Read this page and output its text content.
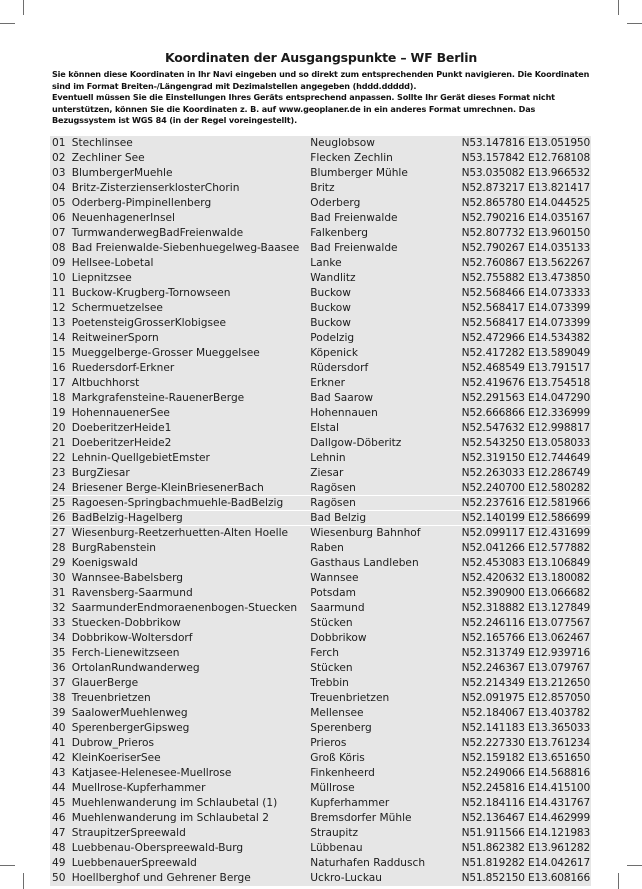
Koordinaten der Ausgangspunkte – WF Berlin

Sie können diese Koordinaten in Ihr Navi eingeben und so direkt zum entsprechenden Punkt navigieren. Die Koordinaten sind im Format Breiten-/Längengrad mit Dezimalstellen angegeben (hddd.ddddd).

Eventuell müssen Sie die Einstellungen Ihres Geräts entsprechend anpassen. Sollte Ihr Gerät dieses Format nicht unterstützen, können Sie die Koordinaten z. B. auf www.geoplaner.de in ein anderes Format umrechnen. Das Bezugssystem ist WGS 84 (in der Regel voreingestellt).

01	Stechlinsee	Neuglobsow	N53.147816 E13.051950
02	Zechliner See	Flecken Zechlin	N53.157842 E12.768108
03	BlumbergerMuehle	Blumberger Mühle	N53.035082 E13.966532
04	Britz-ZisterzienserklosterChorin	Britz	N52.873217 E13.821417
05	Oderberg-Pimpinellenberg	Oderberg	N52.865780 E14.044525
06	NeuenhagenerInsel	Bad Freienwalde	N52.790216 E14.035167
07	TurmwanderwegBadFreienwalde	Falkenberg	N52.807732 E13.960150
08	Bad Freienwalde-Siebenhuegelweg-Baasee	Bad Freienwalde	N52.790267 E14.035133
09	Hellsee-Lobetal	Lanke	N52.760867 E13.562267
10	Liepnitzsee	Wandlitz	N52.755882 E13.473850
11	Buckow-Krugberg-Tornowseen	Buckow	N52.568466 E14.073333
12	Schermuetzelsee	Buckow	N52.568417 E14.073399
13	PoetensteigGrosserKlobigsee	Buckow	N52.568417 E14.073399
14	ReitweinerSporn	Podelzig	N52.472966 E14.534382
15	Mueggelberge-Grosser Mueggelsee	Köpenick	N52.417282 E13.589049
16	Ruedersdorf-Erkner	Rüdersdorf	N52.468549 E13.791517
17	Altbuchhorst	Erkner	N52.419676 E13.754518
18	Markgrafensteine-RauenerBerge	Bad Saarow	N52.291563 E14.047290
19	HohennauenerSee	Hohennauen	N52.666866 E12.336999
20	DoeberitzerHeide1	Elstal	N52.547632 E12.998817
21	DoeberitzerHeide2	Dallgow-Döberitz	N52.543250 E13.058033
22	Lehnin-QuellgebietEmster	Lehnin	N52.319150 E12.744649
23	BurgZiesar	Ziesar	N52.263033 E12.286749
24	Briesener Berge-KleinBriesenerBach	Ragösen	N52.240700 E12.580282
25	Ragoesen-Springbachmuehle-BadBelzig	Ragösen	N52.237616 E12.581966
26	BadBelzig-Hagelberg	Bad Belzig	N52.140199 E12.586699
27	Wiesenburg-Reetzerhuetten-Alten Hoelle	Wiesenburg Bahnhof	N52.099117 E12.431699
28	BurgRabenstein	Raben	N52.041266 E12.577882
29	Koenigswald	Gasthaus Landleben	N52.453083 E13.106849
30	Wannsee-Babelsberg	Wannsee	N52.420632 E13.180082
31	Ravensberg-Saarmund	Potsdam	N52.390900 E13.066682
32	SaarmunderEndmoraenenbogen-Stuecken	Saarmund	N52.318882 E13.127849
33	Stuecken-Dobbrikow	Stücken	N52.246116 E13.077567
34	Dobbrikow-Woltersdorf	Dobbrikow	N52.165766 E13.062467
35	Ferch-Lienewitzseen	Ferch	N52.313749 E12.939716
36	OrtolanRundwanderweg	Stücken	N52.246367 E13.079767
37	GlauerBerge	Trebbin	N52.214349 E13.212650
38	Treuenbrietzen	Treuenbrietzen	N52.091975 E12.857050
39	SaalowerMuehlenweg	Mellensee	N52.184067 E13.403782
40	SperenbergerGipsweg	Sperenberg	N52.141183 E13.365033
41	Dubrow_Prieros	Prieros	N52.227330 E13.761234
42	KleinKoeriserSee	Groß Köris	N52.159182 E13.651650
43	Katjasee-Helenesee-Muellrose	Finkenheerd	N52.249066 E14.568816
44	Muellrose-Kupferhammer	Müllrose	N52.245816 E14.415100
45	Muehlenwanderung im Schlaubetal (1)	Kupferhammer	N52.184116 E14.431767
46	Muehlenwanderung im Schlaubetal 2	Bremsdorfer Mühle	N52.136467 E14.462999
47	StraupitzerSpreewald	Straupitz	N51.911566 E14.121983
48	Luebbenau-Oberspreewald-Burg	Lübbenau	N51.862382 E13.961282
49	LuebbenauerSpreewald	Naturhafen Raddusch	N51.819282 E14.042617
50	Hoellberghof und Gehrener Berge	Uckro-Luckau	N51.852150 E13.608166
